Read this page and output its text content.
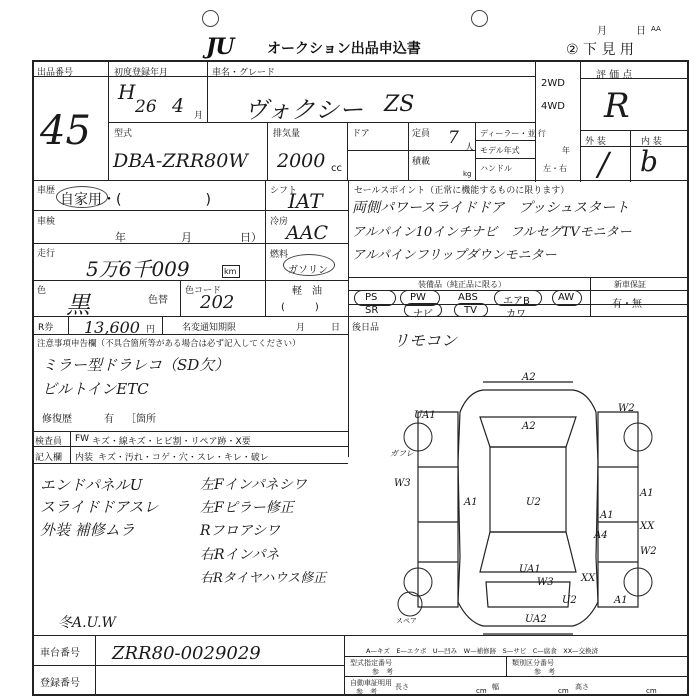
JU オークション出品申込書
月	日 AA
② 下 見 用
出品番号
45
初度登録年月
H
26 4 月
車名・グレード
ヴォクシー ZS
2WD
4WD
評 価 点
R
外 装	内 装
/ b
型式
DBA-ZRR80W
排気量
2000 cc
ドア	定員 7 人
積載
kg
ディーラー・並 行
モデル年式	年
ハンドル	左・右
車歴
自家用・(　　　　　　)
シフト
IAT
車検
年	月	日）
冷房
AAC
走行
5万6千009	km
燃料
ガソリン
軽　油
(　　　)
色 黒	色替
色コード
202
セールスポイント（正常に機能するものに限ります）
両側パワースライドドア　プッシュスタート
アルパイン10インチナビ　フルセグTVモニター
アルパインフリップダウンモニター
装備品（純正品に限る）	新車保証
有・無
PS	PW	ABS	エアB	AW
SR	ナビ	TV	カワ
R券 13,600 円	名変通知期限	月	日 後日品
リモコン
注意事項申告欄（不具合箇所等がある場合は必ず記入してください）
ミラー型ドラレコ（SD欠）
ビルトインETC
修復歴	有 ［箇所
検査員 FW キズ・線キズ・ヒビ割・リペア跡・X要
記入欄 内装 キズ・汚れ・コゲ・穴・スレ・キレ・破レ
エンドパネルU
スライドドアスレ
外装 補修ムラ
左Fインパネシワ
左Fピラー修正
Rフロアシワ
右Rインパネ
右Rタイヤハウス修正
冬A.U.W
車台番号 ZRR80-0029029
登録番号
型式指定番号
参　考
類別区分番号
参　考
自動車証明用
参　考
長さ	cm 幅	cm 高さ	cm
A—キズ　E—エクボ　U—凹み　W—補修跡　S—サビ　C—腐食　XX—交換済
スペア
A2
A2
UA1
W2
ガフレ
W3
A1	U2
A1
A1
XX
A4
W2
UA1
W3	XX
A1
U2
UA2
